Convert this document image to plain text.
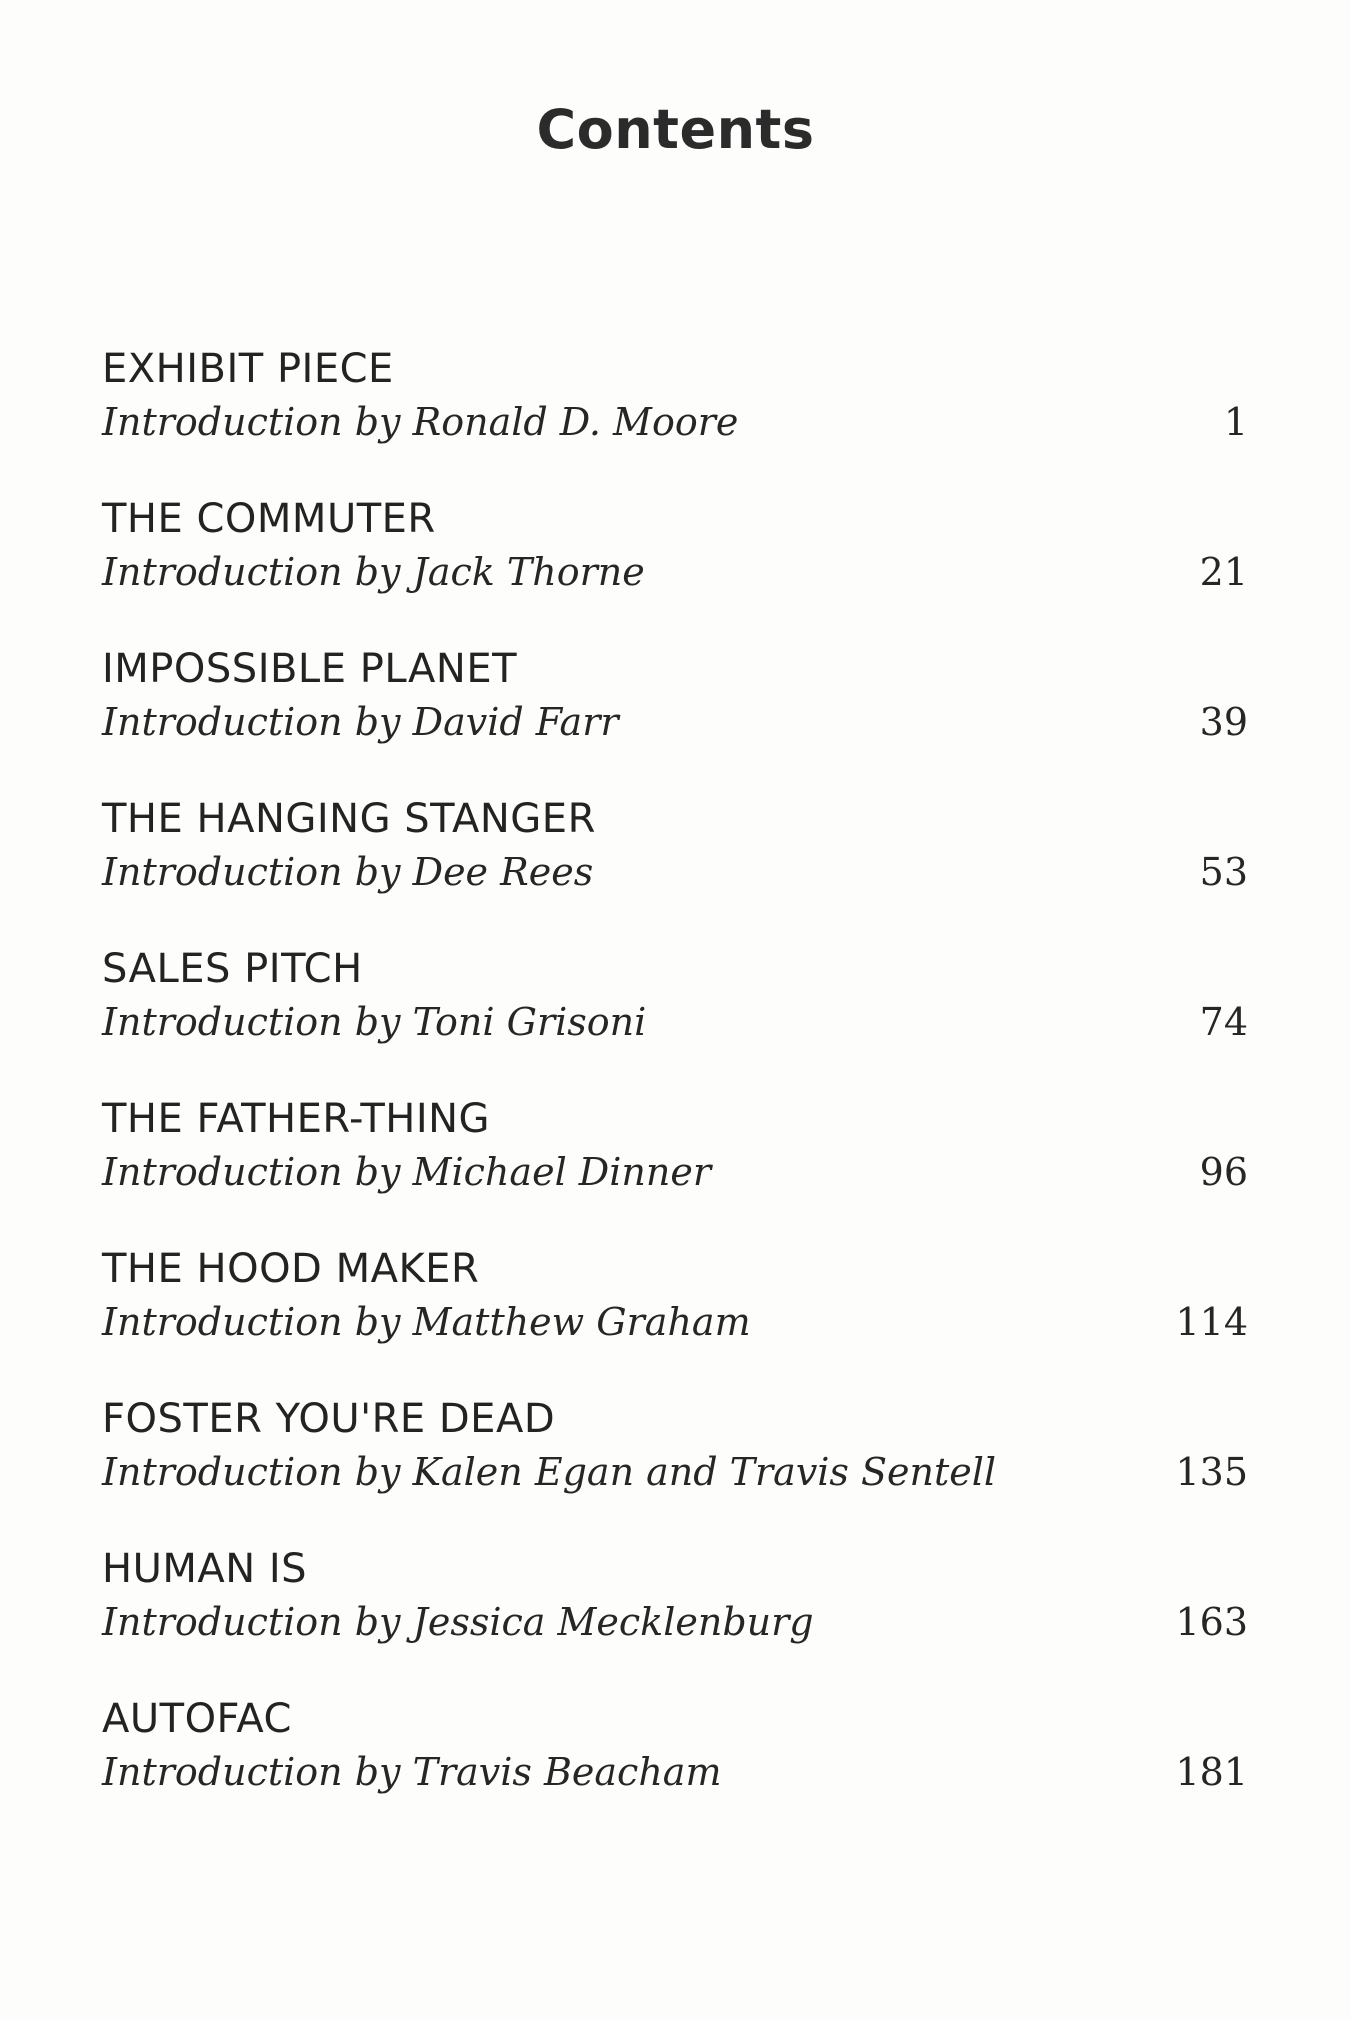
Contents
EXHIBIT PIECE
Introduction by Ronald D. Moore	1
THE COMMUTER
Introduction by Jack Thorne	21
IMPOSSIBLE PLANET
Introduction by David Farr	39
THE HANGING STANGER
Introduction by Dee Rees	53
SALES PITCH
Introduction by Toni Grisoni	74
THE FATHER-THING
Introduction by Michael Dinner	96
THE HOOD MAKER
Introduction by Matthew Graham	114
FOSTER YOU'RE DEAD
Introduction by Kalen Egan and Travis Sentell	135
HUMAN IS
Introduction by Jessica Mecklenburg	163
AUTOFAC
Introduction by Travis Beacham	181
